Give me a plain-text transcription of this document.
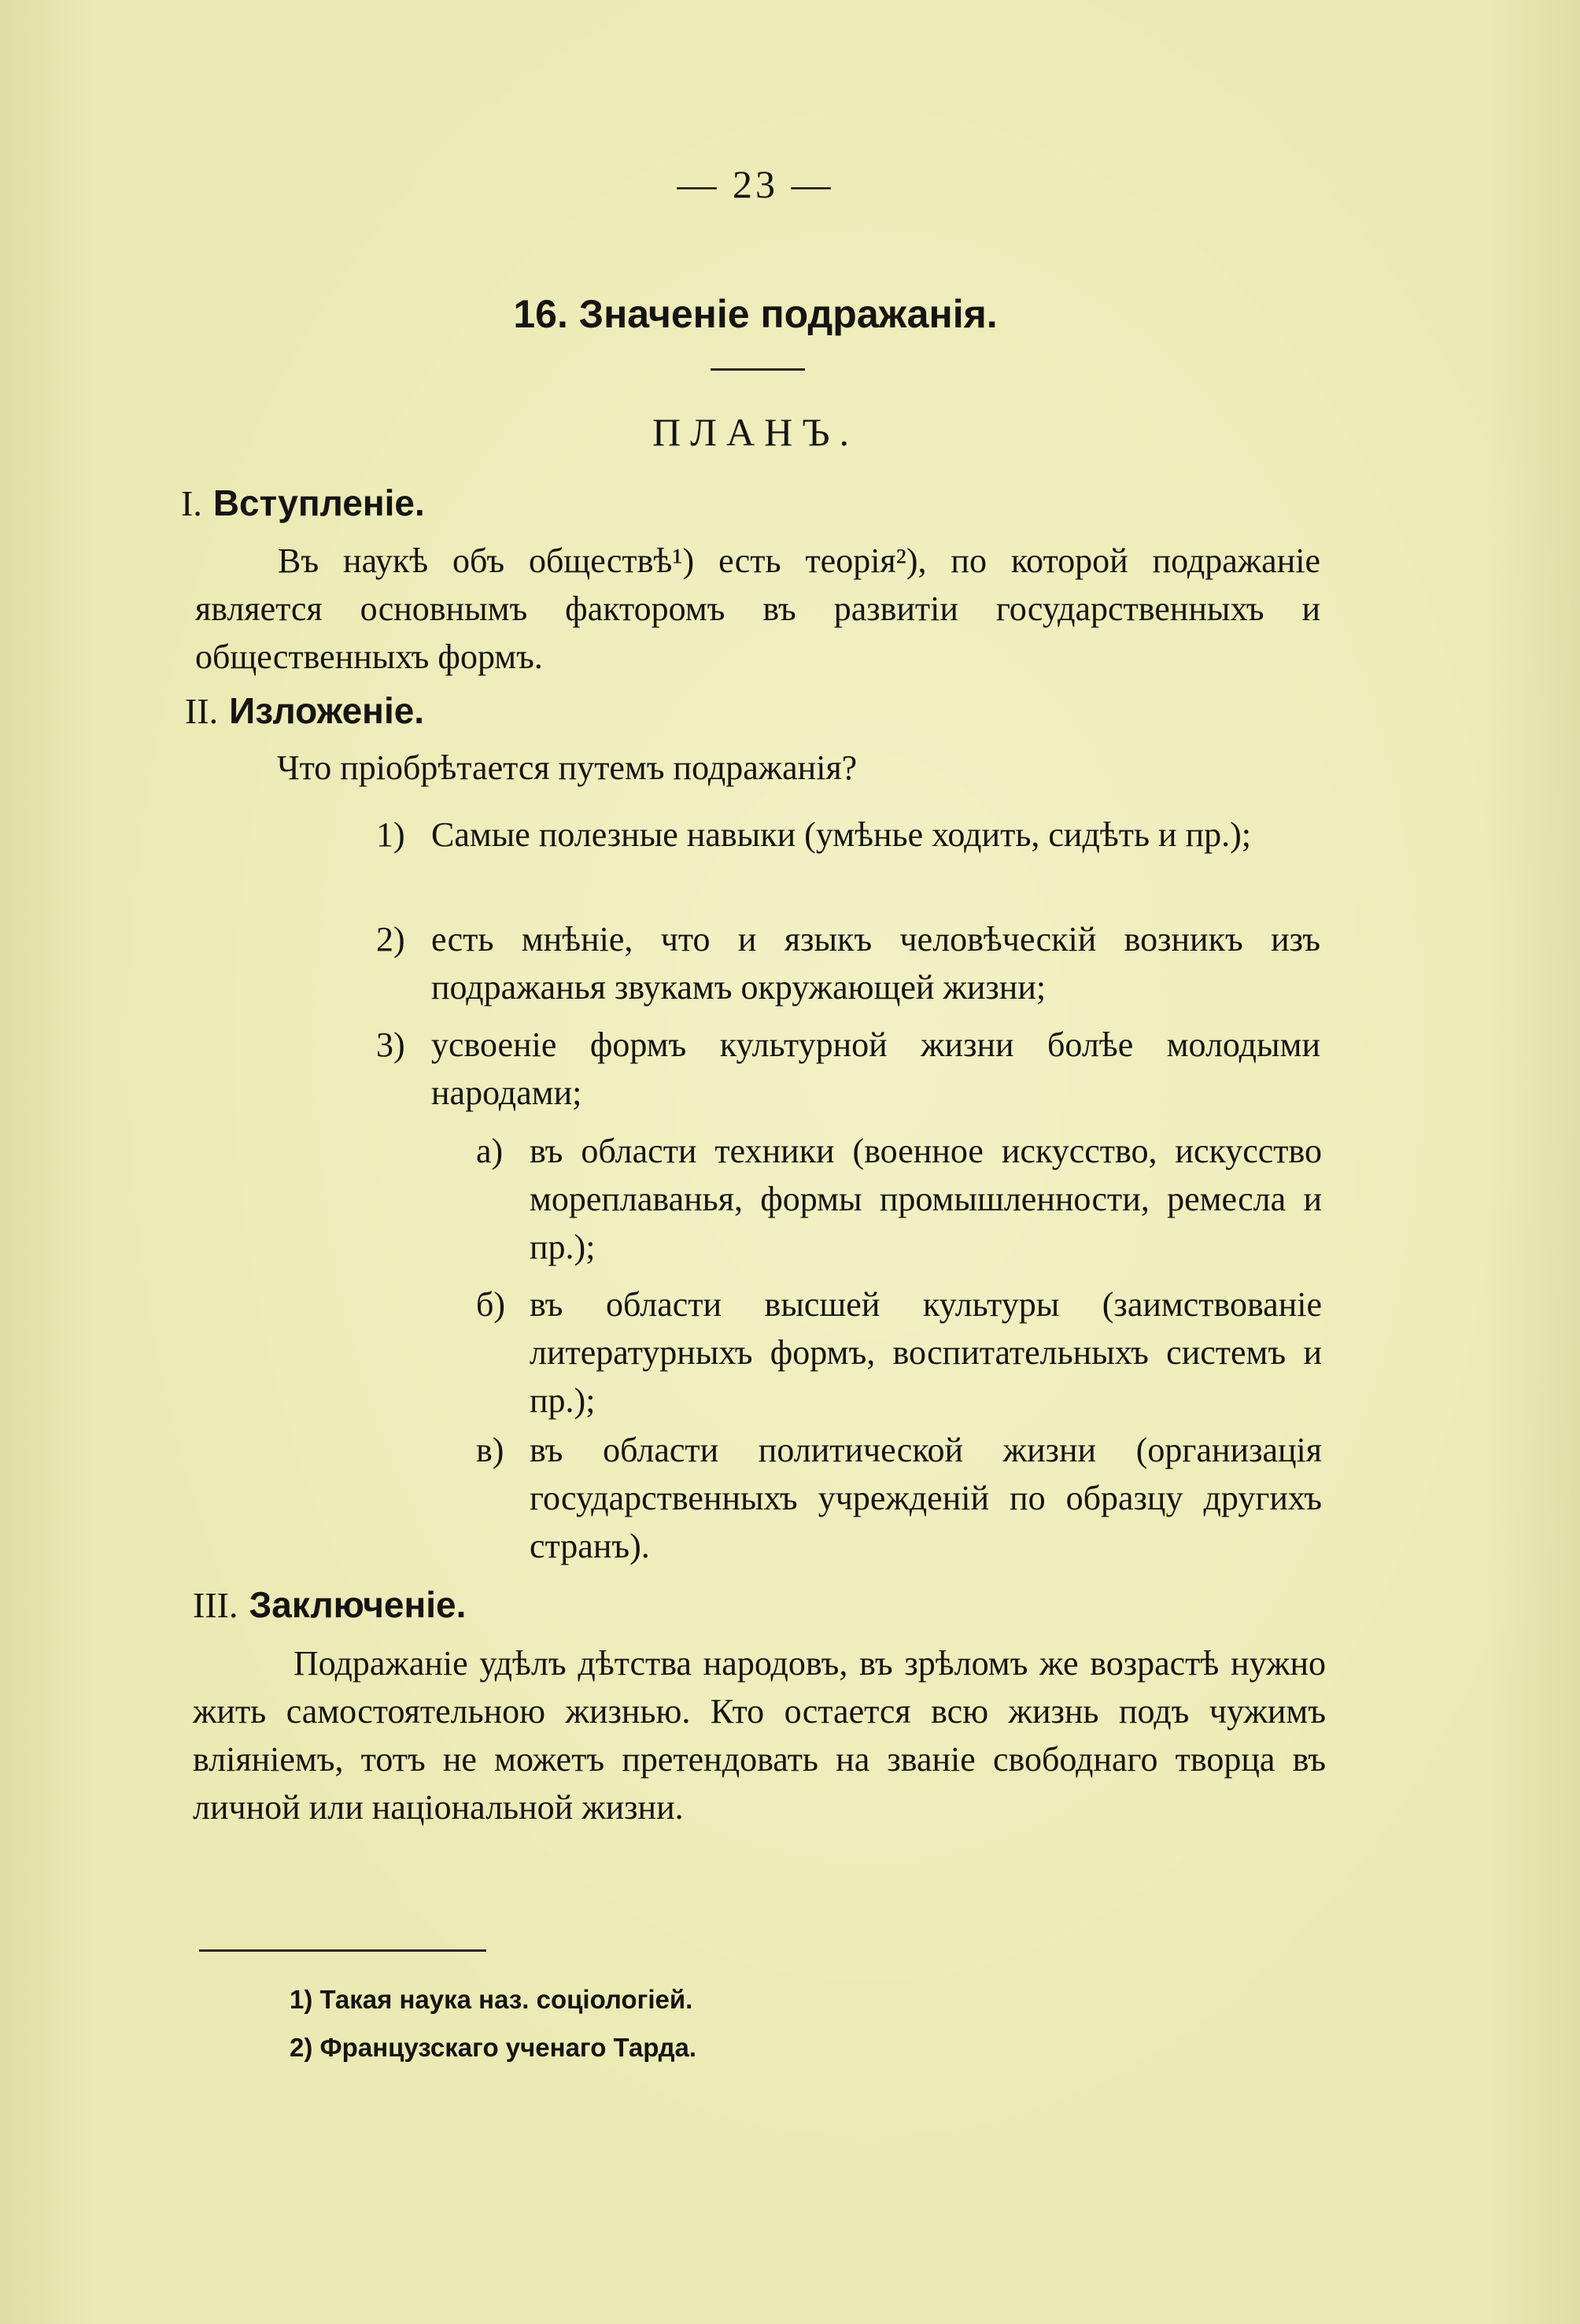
— 23 —
16. Значеніе подражанія.
ПЛАНЪ.
I. Вступленіе.
Въ наукѣ объ обществѣ¹) есть теорія²), по которой подражаніе является основнымъ факторомъ въ развитіи государственныхъ и общественныхъ формъ.
II. Изложеніе.
Что пріобрѣтается путемъ подражанія?
1) Самые полезные навыки (умѣнье ходить, сидѣть и пр.);
2) есть мнѣніе, что и языкъ человѣческій возникъ изъ подражанья звукамъ окружающей жизни;
3) усвоеніе формъ культурной жизни болѣе молодыми народами;
а) въ области техники (военное искусство, искусство мореплаванья, формы промышленности, ремесла и пр.);
б) въ области высшей культуры (заимствованіе литературныхъ формъ, воспитательныхъ системъ и пр.);
в) въ области политической жизни (организація государственныхъ учрежденій по образцу другихъ странъ).
III. Заключеніе.
Подражаніе удѣлъ дѣтства народовъ, въ зрѣломъ же возрастѣ нужно жить самостоятельною жизнью. Кто остается всю жизнь подъ чужимъ вліяніемъ, тотъ не можетъ претендовать на званіе свободнаго творца въ личной или національной жизни.
1) Такая наука наз. соціологіей.
2) Французскаго ученаго Тарда.
